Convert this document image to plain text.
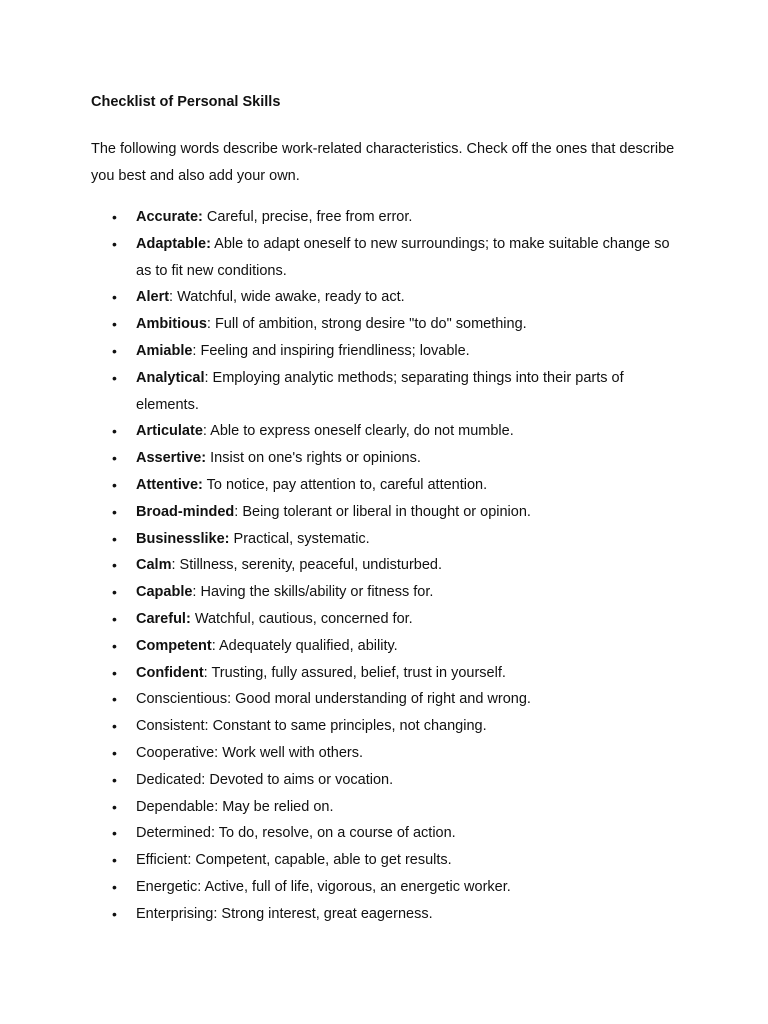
Checklist of Personal Skills

The following words describe work-related characteristics. Check off the ones that describe you best and also add your own.

• Accurate: Careful, precise, free from error.
• Adaptable: Able to adapt oneself to new surroundings; to make suitable change so as to fit new conditions.
• Alert: Watchful, wide awake, ready to act.
• Ambitious: Full of ambition, strong desire "to do" something.
• Amiable: Feeling and inspiring friendliness; lovable.
• Analytical: Employing analytic methods; separating things into their parts of elements.
• Articulate: Able to express oneself clearly, do not mumble.
• Assertive: Insist on one's rights or opinions.
• Attentive: To notice, pay attention to, careful attention.
• Broad-minded: Being tolerant or liberal in thought or opinion.
• Businesslike: Practical, systematic.
• Calm: Stillness, serenity, peaceful, undisturbed.
• Capable: Having the skills/ability or fitness for.
• Careful: Watchful, cautious, concerned for.
• Competent: Adequately qualified, ability.
• Confident: Trusting, fully assured, belief, trust in yourself.
• Conscientious: Good moral understanding of right and wrong.
• Consistent: Constant to same principles, not changing.
• Cooperative: Work well with others.
• Dedicated: Devoted to aims or vocation.
• Dependable: May be relied on.
• Determined: To do, resolve, on a course of action.
• Efficient: Competent, capable, able to get results.
• Energetic: Active, full of life, vigorous, an energetic worker.
• Enterprising: Strong interest, great eagerness.
